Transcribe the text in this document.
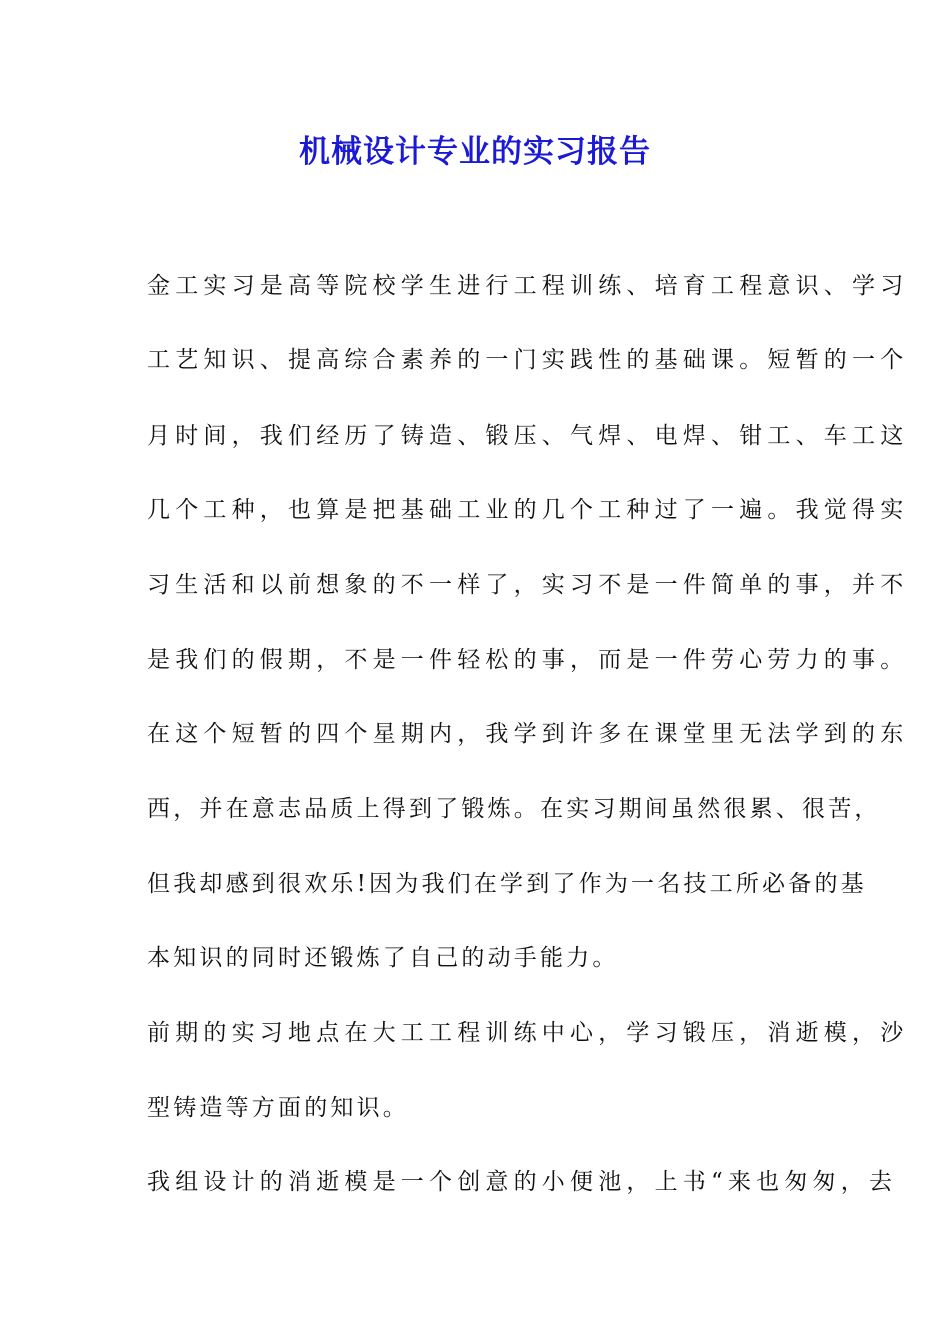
机械设计专业的实习报告
金工实习是高等院校学生进行工程训练、培育工程意识、学习
工艺知识、提高综合素养的一门实践性的基础课。短暂的一个
月时间，我们经历了铸造、锻压、气焊、电焊、钳工、车工这
几个工种，也算是把基础工业的几个工种过了一遍。我觉得实
习生活和以前想象的不一样了，实习不是一件简单的事，并不
是我们的假期，不是一件轻松的事，而是一件劳心劳力的事。
在这个短暂的四个星期内，我学到许多在课堂里无法学到的东
西，并在意志品质上得到了锻炼。在实习期间虽然很累、很苦，
但我却感到很欢乐!因为我们在学到了作为一名技工所必备的基
本知识的同时还锻炼了自己的动手能力。
前期的实习地点在大工工程训练中心，学习锻压，消逝模，沙
型铸造等方面的知识。
我组设计的消逝模是一个创意的小便池，上书“来也匆匆，去
